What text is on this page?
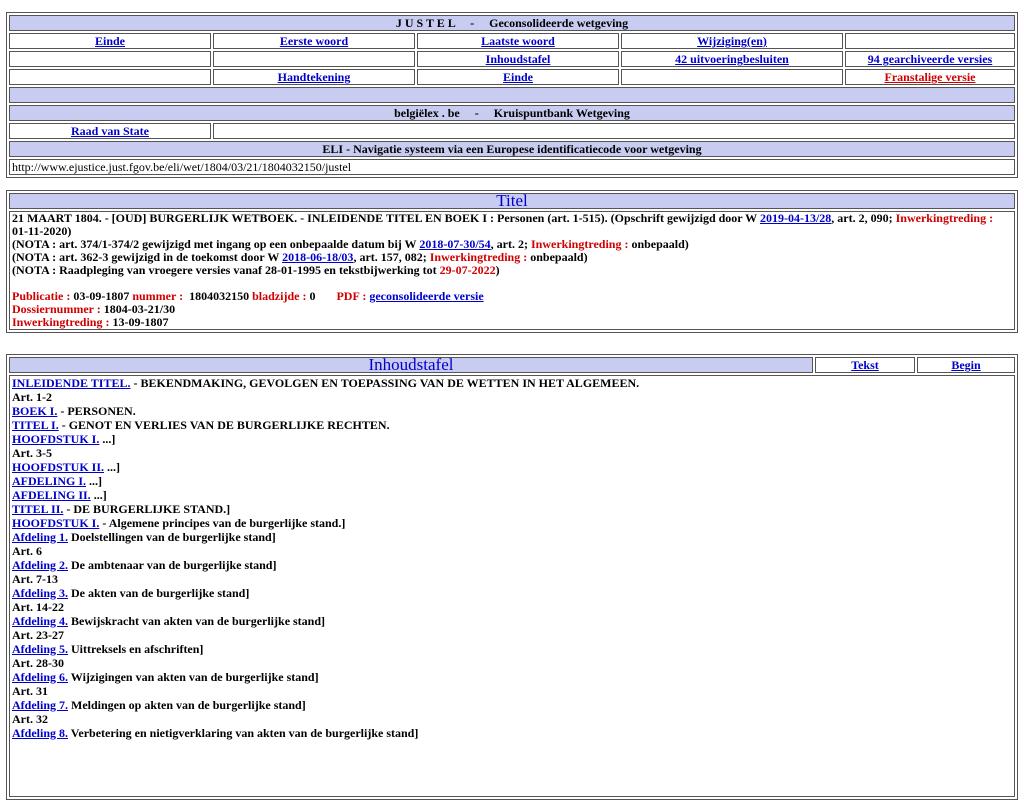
J U S T E L     -     Geconsolideerde wetgeving				
Einde	Eerste woord	Laatste woord	Wijziging(en)	
		Inhoudstafel	42 uitvoeringbesluiten	94 gearchiveerde versies
	Handtekening	Einde		Franstalige versie

belgiëlex . be     -     Kruispuntbank Wetgeving				
Raad van State				
ELI - Navigatie systeem via een Europese identificatiecode voor wetgeving				
http://www.ejustice.just.fgov.be/eli/wet/1804/03/21/1804032150/justel				
Titel
21 MAART 1804. - [OUD] BURGERLIJK WETBOEK. - INLEIDENDE TITEL EN BOEK I : Personen (art. 1-515). (Opschrift gewijzigd door W 2019-04-13/28, art. 2, 090; Inwerkingtreding : 01-11-2020)
(NOTA : art. 374/1-374/2 gewijzigd met ingang op een onbepaalde datum bij W 2018-07-30/54, art. 2; Inwerkingtreding : onbepaald)
(NOTA : art. 362-3 gewijzigd in de toekomst door W 2018-06-18/03, art. 157, 082; Inwerkingtreding : onbepaald)
(NOTA : Raadpleging van vroegere versies vanaf 28-01-1995 en tekstbijwerking tot 29-07-2022)

Publicatie : 03-09-1807 nummer : 1804032150 bladzijde : 0 PDF : geconsolideerde versie
Dossiernummer : 1804-03-21/30
Inwerkingtreding : 13-09-1807
Inhoudstafel	Tekst	Begin

INLEIDENDE TITEL. - BEKENDMAKING, GEVOLGEN EN TOEPASSING VAN DE WETTEN IN HET ALGEMEEN.
Art. 1-2
BOEK I. - PERSONEN.
TITEL I. - GENOT EN VERLIES VAN DE BURGERLIJKE RECHTEN.
HOOFDSTUK I. ...]
Art. 3-5
HOOFDSTUK II. ...]
AFDELING I. ...]
AFDELING II. ...]
TITEL II. - DE BURGERLIJKE STAND.]
HOOFDSTUK I. - Algemene principes van de burgerlijke stand.]
Afdeling 1. Doelstellingen van de burgerlijke stand]
Art. 6
Afdeling 2. De ambtenaar van de burgerlijke stand]
Art. 7-13
Afdeling 3. De akten van de burgerlijke stand]
Art. 14-22
Afdeling 4. Bewijskracht van akten van de burgerlijke stand]
Art. 23-27
Afdeling 5. Uittreksels en afschriften]
Art. 28-30
Afdeling 6. Wijzigingen van akten van de burgerlijke stand]
Art. 31
Afdeling 7. Meldingen op akten van de burgerlijke stand]
Art. 32
Afdeling 8. Verbetering en nietigverklaring van akten van de burgerlijke stand]
